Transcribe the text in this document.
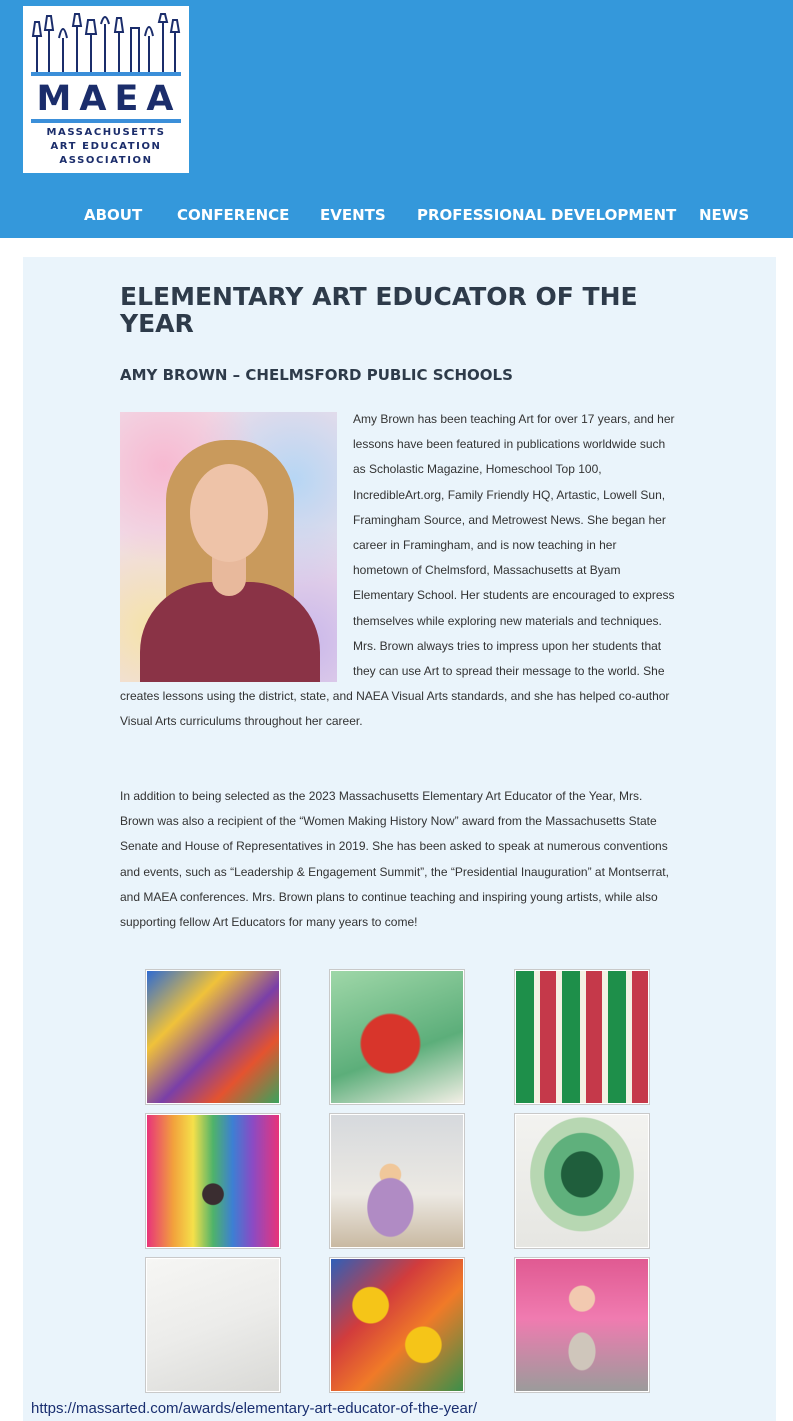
MAEA
MASSACHUSETTS
ART EDUCATION
ASSOCIATION
ABOUT CONFERENCE EVENTS PROFESSIONAL DEVELOPMENT NEWS
ELEMENTARY ART EDUCATOR OF THE YEAR
AMY BROWN – CHELMSFORD PUBLIC SCHOOLS

Amy Brown has been teaching Art for over 17 years, and her lessons have been featured in publications worldwide such as Scholastic Magazine, Homeschool Top 100, IncredibleArt.org, Family Friendly HQ, Artastic, Lowell Sun, Framingham Source, and Metrowest News. She began her career in Framingham, and is now teaching in her hometown of Chelmsford, Massachusetts at Byam Elementary School. Her students are encouraged to express themselves while exploring new materials and techniques. Mrs. Brown always tries to impress upon her students that they can use Art to spread their message to the world. She creates lessons using the district, state, and NAEA Visual Arts standards, and she has helped co-author Visual Arts curriculums throughout her career.

In addition to being selected as the 2023 Massachusetts Elementary Art Educator of the Year, Mrs. Brown was also a recipient of the “Women Making History Now” award from the Massachusetts State Senate and House of Representatives in 2019. She has been asked to speak at numerous conventions and events, such as “Leadership & Engagement Summit”, the “Presidential Inauguration” at Montserrat, and MAEA conferences. Mrs. Brown plans to continue teaching and inspiring young artists, while also supporting fellow Art Educators for many years to come!

https://massarted.com/awards/elementary-art-educator-of-the-year/
